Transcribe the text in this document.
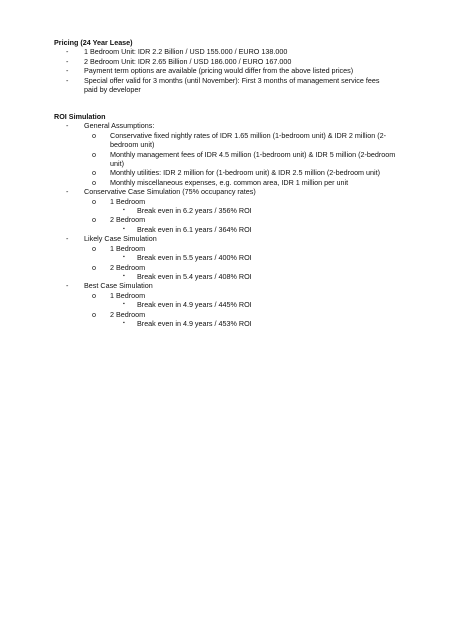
Pricing (24 Year Lease)

- 1 Bedroom Unit: IDR 2.2 Billion / USD 155.000 / EURO 138.000
- 2 Bedroom Unit: IDR 2.65 Billion / USD 186.000 / EURO 167.000
- Payment term options are available (pricing would differ from the above listed prices)
- Special offer valid for 3 months (until November): First 3 months of management service fees paid by developer

ROI Simulation

- General Assumptions:
o Conservative fixed nightly rates of IDR 1.65 million (1-bedroom unit) & IDR 2 million (2-bedroom unit)
o Monthly management fees of IDR 4.5 million (1-bedroom unit) & IDR 5 million (2-bedroom unit)
o Monthly utilities: IDR 2 million for (1-bedroom unit) & IDR 2.5 million (2-bedroom unit)
o Monthly miscellaneous expenses, e.g. common area, IDR 1 million per unit
- Conservative Case Simulation (75% occupancy rates)
o 1 Bedroom
▪ Break even in 6.2 years / 356% ROI
o 2 Bedroom
▪ Break even in 6.1 years / 364% ROI
- Likely Case Simulation
o 1 Bedroom
▪ Break even in 5.5 years / 400% ROI
o 2 Bedroom
▪ Break even in 5.4 years / 408% ROI
- Best Case Simulation
o 1 Bedroom
▪ Break even in 4.9 years / 445% ROI
o 2 Bedroom
▪ Break even in 4.9 years / 453% ROI
